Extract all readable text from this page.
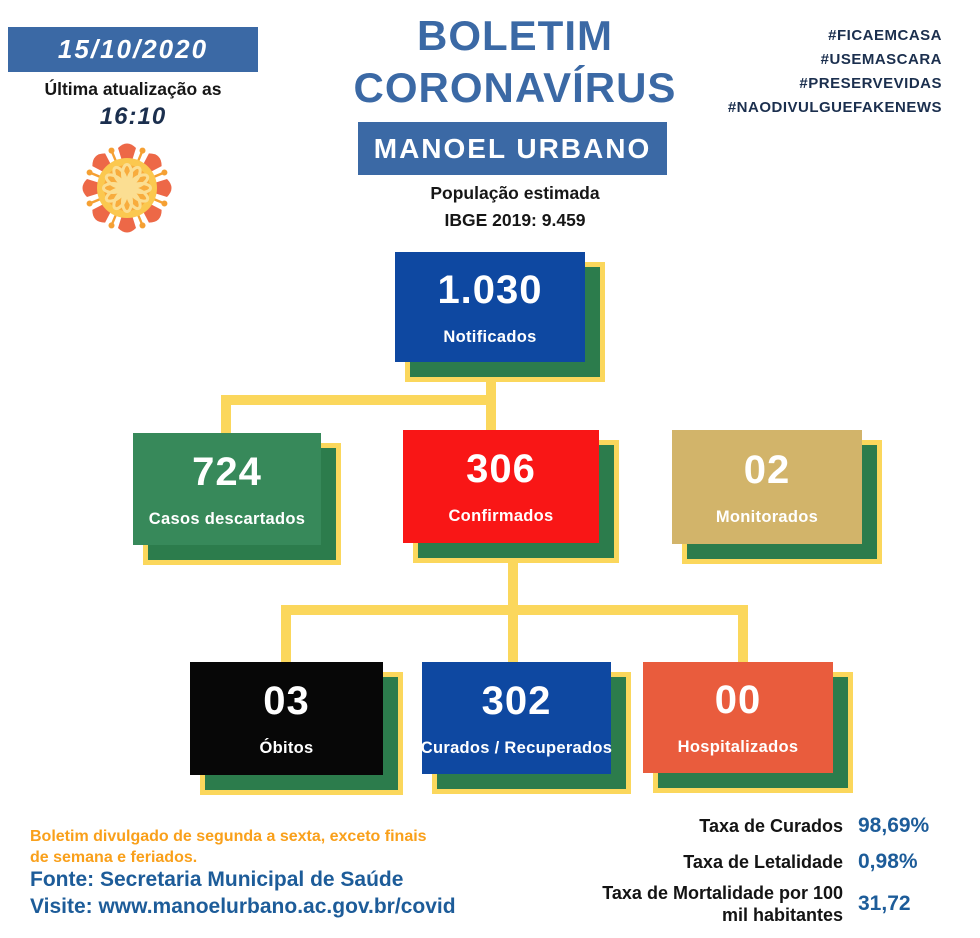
15/10/2020
Última atualização as
16:10
BOLETIM
CORONAVÍRUS
MANOEL URBANO
População estimada
IBGE 2019: 9.459
#FICAEMCASA
#USEMASCARA
#PRESERVEVIDAS
#NAODIVULGUEFAKENEWS
1.030
Notificados
724
Casos descartados
306
Confirmados
02
Monitorados
03
Óbitos
302
Curados / Recuperados
00
Hospitalizados
Boletim divulgado de segunda a sexta, exceto finais
de semana e feriados.
Fonte: Secretaria Municipal de Saúde
Visite: www.manoelurbano.ac.gov.br/covid
Taxa de Curados 98,69%
Taxa de Letalidade 0,98%
Taxa de Mortalidade por 100 mil habitantes 31,72
